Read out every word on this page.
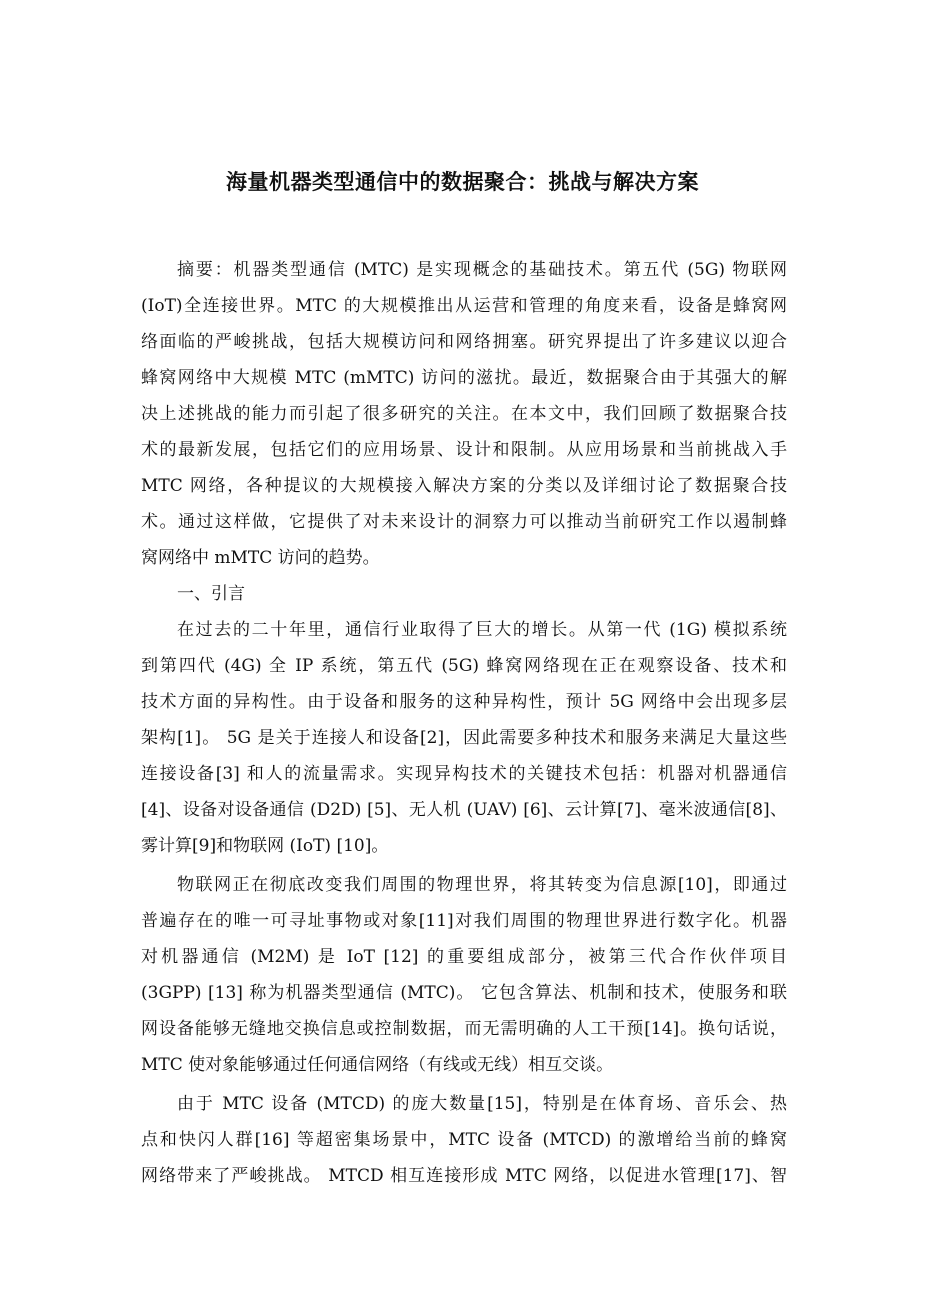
海量机器类型通信中的数据聚合：挑战与解决方案
摘要：机器类型通信 (MTC) 是实现概念的基础技术。第五代 (5G) 物联网
(IoT)全连接世界。MTC 的大规模推出从运营和管理的角度来看，设备是蜂窝网
络面临的严峻挑战，包括大规模访问和网络拥塞。研究界提出了许多建议以迎合
蜂窝网络中大规模 MTC (mMTC) 访问的滋扰。最近，数据聚合由于其强大的解
决上述挑战的能力而引起了很多研究的关注。在本文中，我们回顾了数据聚合技
术的最新发展，包括它们的应用场景、设计和限制。从应用场景和当前挑战入手
MTC 网络，各种提议的大规模接入解决方案的分类以及详细讨论了数据聚合技
术。通过这样做，它提供了对未来设计的洞察力可以推动当前研究工作以遏制蜂
窝网络中 mMTC 访问的趋势。
一、引言
在过去的二十年里，通信行业取得了巨大的增长。从第一代 (1G) 模拟系统
到第四代 (4G) 全 IP 系统，第五代 (5G) 蜂窝网络现在正在观察设备、技术和
技术方面的异构性。由于设备和服务的这种异构性，预计 5G 网络中会出现多层
架构[1]。 5G 是关于连接人和设备[2]，因此需要多种技术和服务来满足大量这些
连接设备[3] 和人的流量需求。实现异构技术的关键技术包括：机器对机器通信
[4]、设备对设备通信 (D2D) [5]、无人机 (UAV) [6]、云计算[7]、毫米波通信[8]、
雾计算[9]和物联网 (IoT) [10]。
物联网正在彻底改变我们周围的物理世界，将其转变为信息源[10]，即通过
普遍存在的唯一可寻址事物或对象[11]对我们周围的物理世界进行数字化。机器
对机器通信 (M2M) 是 IoT [12] 的重要组成部分，被第三代合作伙伴项目
(3GPP) [13] 称为机器类型通信 (MTC)。 它包含算法、机制和技术，使服务和联
网设备能够无缝地交换信息或控制数据，而无需明确的人工干预[14]。换句话说，
MTC 使对象能够通过任何通信网络（有线或无线）相互交谈。
由于 MTC 设备 (MTCD) 的庞大数量[15]，特别是在体育场、音乐会、热
点和快闪人群[16] 等超密集场景中，MTC 设备 (MTCD) 的激增给当前的蜂窝
网络带来了严峻挑战。 MTCD 相互连接形成 MTC 网络，以促进水管理[17]、智
